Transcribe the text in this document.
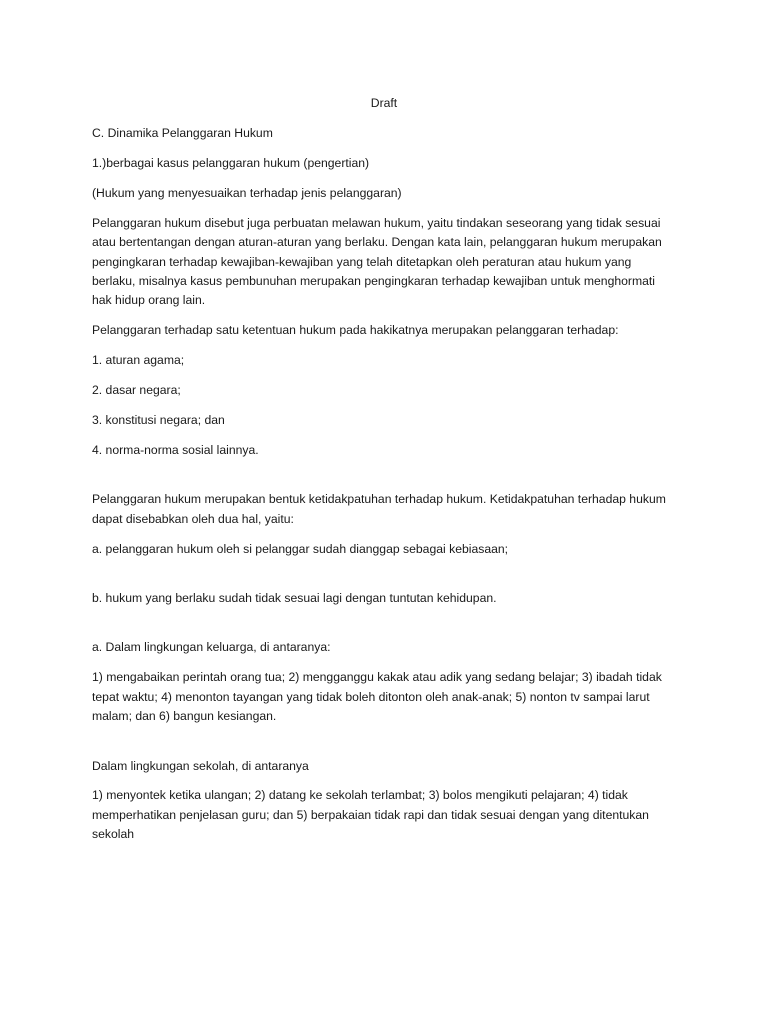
Draft

C. Dinamika Pelanggaran Hukum

1.)berbagai kasus pelanggaran hukum (pengertian)

(Hukum yang menyesuaikan terhadap jenis pelanggaran)

Pelanggaran hukum disebut juga perbuatan melawan hukum, yaitu tindakan seseorang yang tidak sesuai atau bertentangan dengan aturan-aturan yang berlaku. Dengan kata lain, pelanggaran hukum merupakan pengingkaran terhadap kewajiban-kewajiban yang telah ditetapkan oleh peraturan atau hukum yang berlaku, misalnya kasus pembunuhan merupakan pengingkaran terhadap kewajiban untuk menghormati hak hidup orang lain.

Pelanggaran terhadap satu ketentuan hukum pada hakikatnya merupakan pelanggaran terhadap:

1. aturan agama;

2. dasar negara;

3. konstitusi negara; dan

4. norma-norma sosial lainnya.

Pelanggaran hukum merupakan bentuk ketidakpatuhan terhadap hukum. Ketidakpatuhan terhadap hukum dapat disebabkan oleh dua hal, yaitu:

a. pelanggaran hukum oleh si pelanggar sudah dianggap sebagai kebiasaan;

b. hukum yang berlaku sudah tidak sesuai lagi dengan tuntutan kehidupan.

a. Dalam lingkungan keluarga, di antaranya:

1) mengabaikan perintah orang tua; 2) mengganggu kakak atau adik yang sedang belajar; 3) ibadah tidak tepat waktu; 4) menonton tayangan yang tidak boleh ditonton oleh anak-anak; 5) nonton tv sampai larut malam; dan 6) bangun kesiangan.

Dalam lingkungan sekolah, di antaranya

1) menyontek ketika ulangan; 2) datang ke sekolah terlambat; 3) bolos mengikuti pelajaran; 4) tidak memperhatikan penjelasan guru; dan 5) berpakaian tidak rapi dan tidak sesuai dengan yang ditentukan sekolah
